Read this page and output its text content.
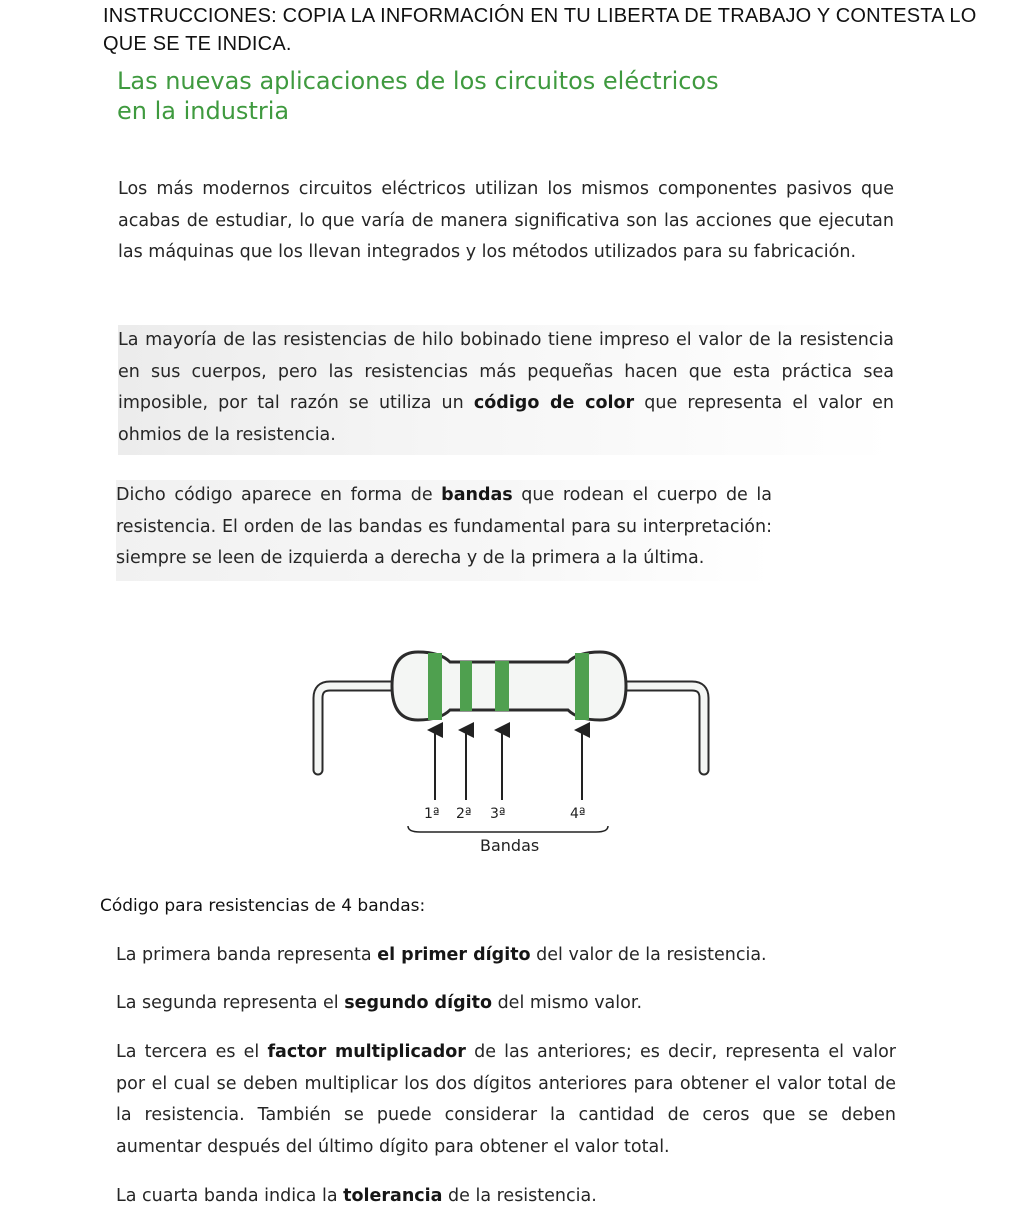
INSTRUCCIONES: COPIA LA INFORMACIÓN EN TU LIBERTA DE TRABAJO Y CONTESTA LO QUE SE TE INDICA.
Las nuevas aplicaciones de los circuitos eléctricos
en la industria
Los más modernos circuitos eléctricos utilizan los mismos componentes pasivos que acabas de estudiar, lo que varía de manera significativa son las acciones que ejecutan las máquinas que los llevan integrados y los métodos utilizados para su fabricación.
La mayoría de las resistencias de hilo bobinado tiene impreso el valor de la resistencia en sus cuerpos, pero las resistencias más pequeñas hacen que esta práctica sea imposible, por tal razón se utiliza un código de color que representa el valor en ohmios de la resistencia.
Dicho código aparece en forma de bandas que rodean el cuerpo de la resistencia. El orden de las bandas es fundamental para su interpretación: siempre se leen de izquierda a derecha y de la primera a la última.
1ª 2ª 3ª	4ª
Bandas
Código para resistencias de 4 bandas:
La primera banda representa el primer dígito del valor de la resistencia.
La segunda representa el segundo dígito del mismo valor.
La tercera es el factor multiplicador de las anteriores; es decir, representa el valor por el cual se deben multiplicar los dos dígitos anteriores para obtener el valor total de la resistencia. También se puede considerar la cantidad de ceros que se deben aumentar después del último dígito para obtener el valor total.
La cuarta banda indica la tolerancia de la resistencia.
